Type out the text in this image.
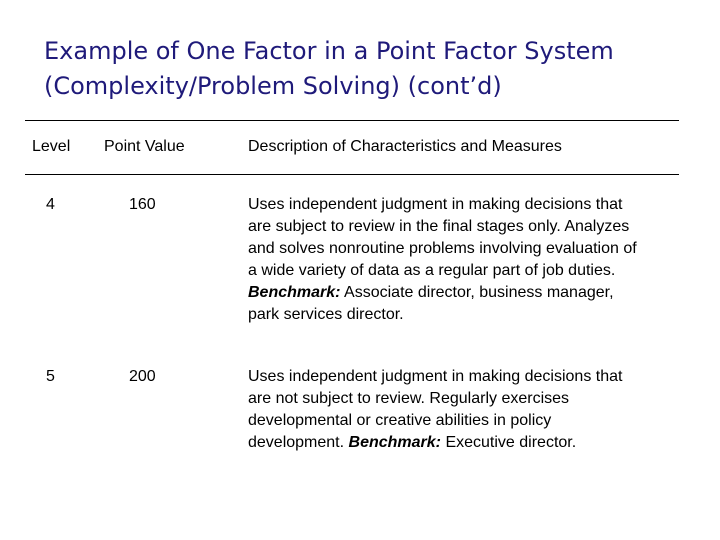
Example of One Factor in a Point Factor System
(Complexity/Problem Solving) (cont’d)
Level Point Value	Description of Characteristics and Measures
4	160	Uses independent judgment in making decisions that
are subject to review in the final stages only. Analyzes
and solves nonroutine problems involving evaluation of
a wide variety of data as a regular part of job duties.
Benchmark: Associate director, business manager,
park services director.
5	200	Uses independent judgment in making decisions that
are not subject to review. Regularly exercises
developmental or creative abilities in policy
development. Benchmark: Executive director.
